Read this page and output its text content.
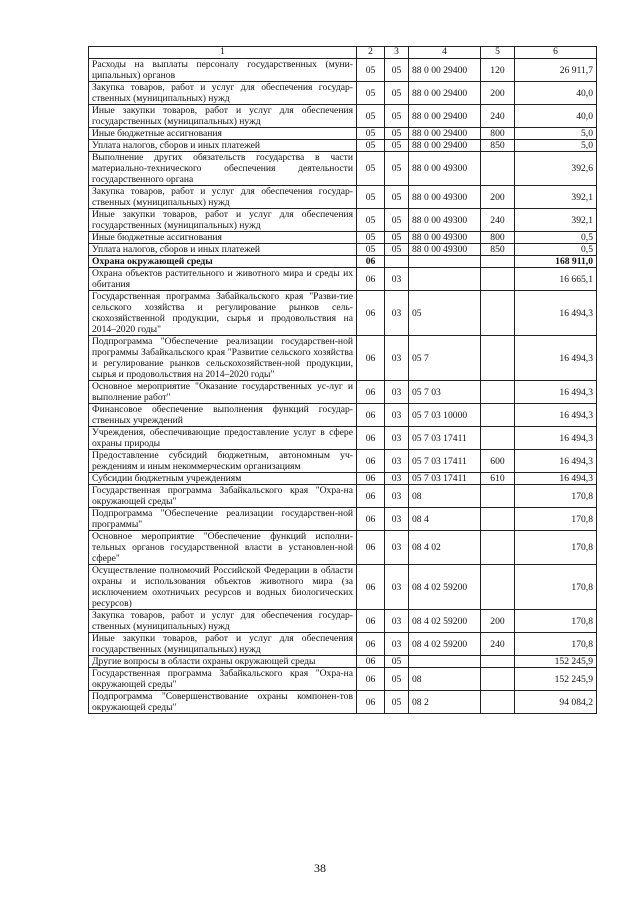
1	2	3	4	5	6
Расходы на выплаты персоналу государственных (муни-ципальных) органов	05	05	88 0 00 29400	120	26 911,7
Закупка товаров, работ и услуг для обеспечения государ-ственных (муниципальных) нужд	05	05	88 0 00 29400	200	40,0
Иные закупки товаров, работ и услуг для обеспечения государственных (муниципальных) нужд	05	05	88 0 00 29400	240	40,0
Иные бюджетные ассигнования	05	05	88 0 00 29400	800	5,0
Уплата налогов, сборов и иных платежей	05	05	88 0 00 29400	850	5,0
Выполнение других обязательств государства в части материально-технического обеспечения деятельности государственного органа	05	05	88 0 00 49300		392,6
Закупка товаров, работ и услуг для обеспечения государ-ственных (муниципальных) нужд	05	05	88 0 00 49300	200	392,1
Иные закупки товаров, работ и услуг для обеспечения государственных (муниципальных) нужд	05	05	88 0 00 49300	240	392,1
Иные бюджетные ассигнования	05	05	88 0 00 49300	800	0,5
Уплата налогов, сборов и иных платежей	05	05	88 0 00 49300	850	0,5
Охрана окружающей среды	06				168 911,0
Охрана объектов растительного и животного мира и среды их обитания	06	03			16 665,1
Государственная программа Забайкальского края "Разви-тие сельского хозяйства и регулирование рынков сель-скохозяйственной продукции, сырья и продовольствия на 2014–2020 годы"	06	03	05		16 494,3
Подпрограмма "Обеспечение реализации государствен-ной программы Забайкальского края "Развитие сельского хозяйства и регулирование рынков сельскохозяйствен-ной продукции, сырья и продовольствия на 2014–2020 годы"	06	03	05 7		16 494,3
Основное мероприятие "Оказание государственных ус-луг и выполнение работ"	06	03	05 7 03		16 494,3
Финансовое обеспечение выполнения функций государ-ственных учреждений	06	03	05 7 03 10000		16 494,3
Учреждения, обеспечивающие предоставление услуг в сфере охраны природы	06	03	05 7 03 17411		16 494,3
Предоставление субсидий бюджетным, автономным уч-реждениям и иным некоммерческим организациям	06	03	05 7 03 17411	600	16 494,3
Субсидии бюджетным учреждениям	06	03	05 7 03 17411	610	16 494,3
Государственная программа Забайкальского края "Охра-на окружающей среды"	06	03	08		170,8
Подпрограмма "Обеспечение реализации государствен-ной программы"	06	03	08 4		170,8
Основное мероприятие "Обеспечение функций исполни-тельных органов государственной власти в установлен-ной сфере"	06	03	08 4 02		170,8
Осуществление полномочий Российской Федерации в области охраны и использования объектов животного мира (за исключением охотничьих ресурсов и водных биологических ресурсов)	06	03	08 4 02 59200		170,8
Закупка товаров, работ и услуг для обеспечения государ-ственных (муниципальных) нужд	06	03	08 4 02 59200	200	170,8
Иные закупки товаров, работ и услуг для обеспечения государственных (муниципальных) нужд	06	03	08 4 02 59200	240	170,8
Другие вопросы в области охраны окружающей среды	06	05			152 245,9
Государственная программа Забайкальского края "Охра-на окружающей среды"	06	05	08		152 245,9
Подпрограмма "Совершенствование охраны компонен-тов окружающей среды"	06	05	08 2		94 084,2
38
